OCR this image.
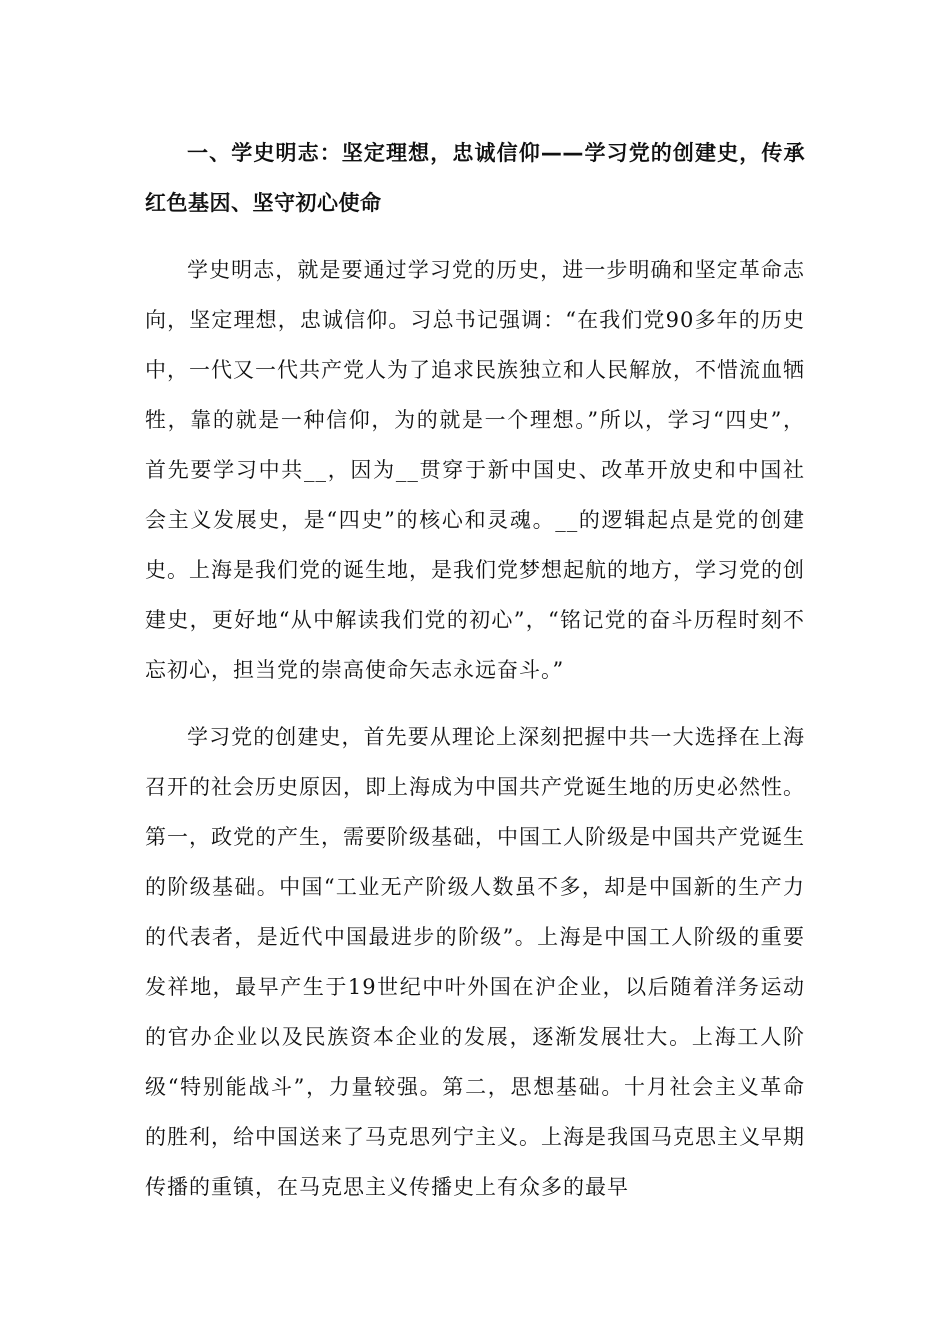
一、学史明志：坚定理想，忠诚信仰——学习党的创建史，传承红色基因、坚守初心使命

学史明志，就是要通过学习党的历史，进一步明确和坚定革命志向，坚定理想，忠诚信仰。习总书记强调：“在我们党90多年的历史中，一代又一代共产党人为了追求民族独立和人民解放，不惜流血牺牲，靠的就是一种信仰，为的就是一个理想。”所以，学习“四史”，首先要学习中共__，因为__贯穿于新中国史、改革开放史和中国社会主义发展史，是“四史”的核心和灵魂。__的逻辑起点是党的创建史。上海是我们党的诞生地，是我们党梦想起航的地方，学习党的创建史，更好地“从中解读我们党的初心”，“铭记党的奋斗历程时刻不忘初心，担当党的崇高使命矢志永远奋斗。”

学习党的创建史，首先要从理论上深刻把握中共一大选择在上海召开的社会历史原因，即上海成为中国共产党诞生地的历史必然性。第一，政党的产生，需要阶级基础，中国工人阶级是中国共产党诞生的阶级基础。中国“工业无产阶级人数虽不多，却是中国新的生产力的代表者，是近代中国最进步的阶级”。上海是中国工人阶级的重要发祥地，最早产生于19世纪中叶外国在沪企业，以后随着洋务运动的官办企业以及民族资本企业的发展，逐渐发展壮大。上海工人阶级“特别能战斗”，力量较强。第二，思想基础。十月社会主义革命的胜利，给中国送来了马克思列宁主义。上海是我国马克思主义早期传播的重镇，在马克思主义传播史上有众多的最早
